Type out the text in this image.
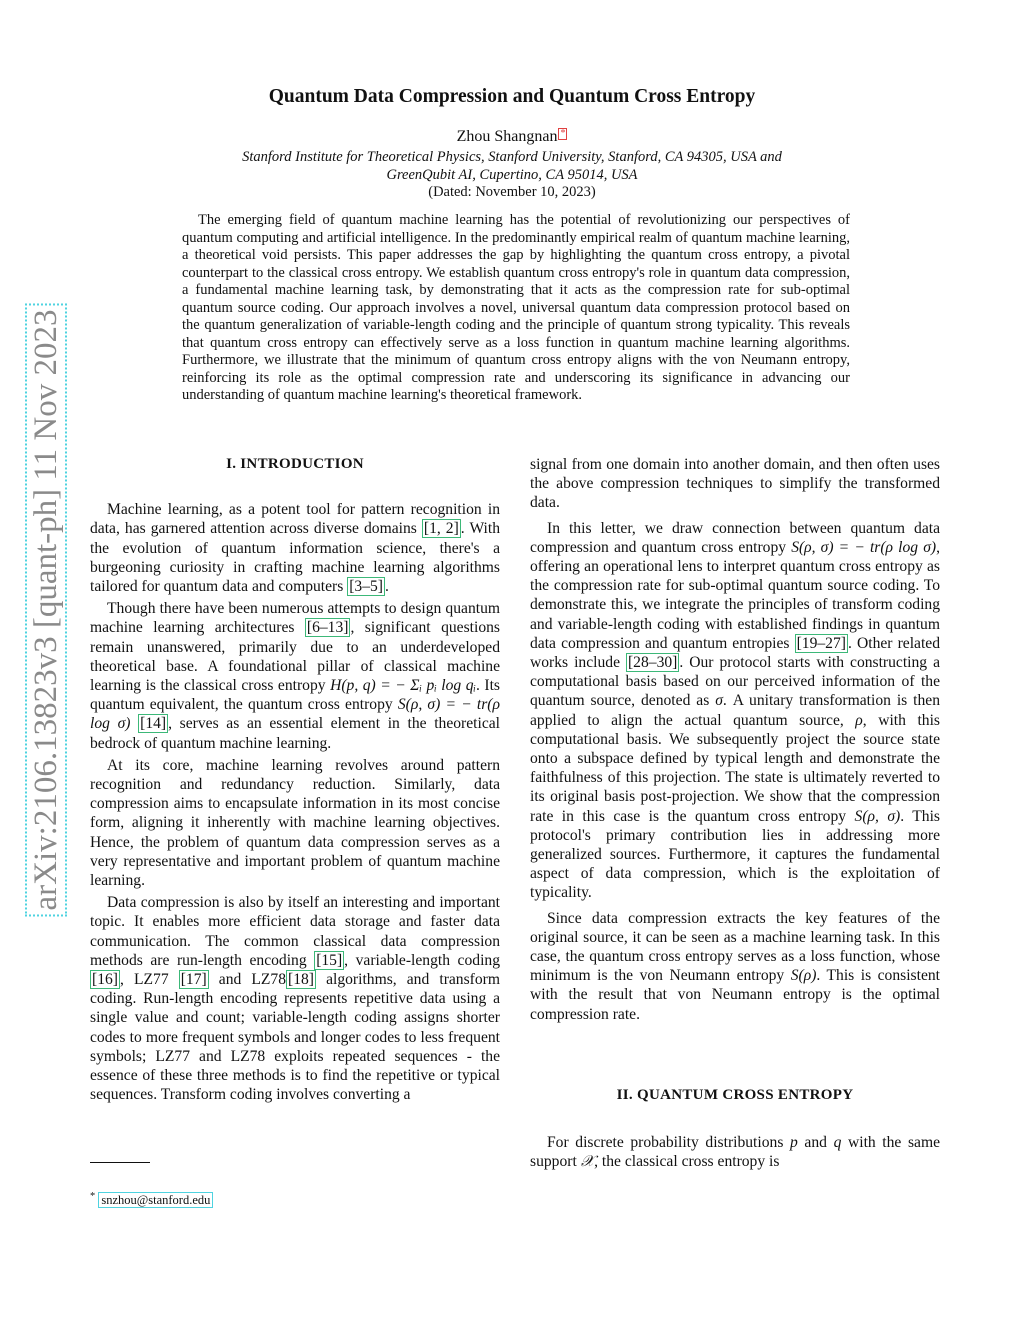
arXiv:2106.13823v3 [quant-ph] 11 Nov 2023
Quantum Data Compression and Quantum Cross Entropy
Zhou Shangnan *
Stanford Institute for Theoretical Physics, Stanford University, Stanford, CA 94305, USA and
GreenQubit AI, Cupertino, CA 95014, USA
(Dated: November 10, 2023)
The emerging field of quantum machine learning has the potential of revolutionizing our perspectives of quantum computing and artificial intelligence. In the predominantly empirical realm of quantum machine learning, a theoretical void persists. This paper addresses the gap by highlighting the quantum cross entropy, a pivotal counterpart to the classical cross entropy. We establish quantum cross entropy's role in quantum data compression, a fundamental machine learning task, by demonstrating that it acts as the compression rate for sub-optimal quantum source coding. Our approach involves a novel, universal quantum data compression protocol based on the quantum generalization of variable-length coding and the principle of quantum strong typicality. This reveals that quantum cross entropy can effectively serve as a loss function in quantum machine learning algorithms. Furthermore, we illustrate that the minimum of quantum cross entropy aligns with the von Neumann entropy, reinforcing its role as the optimal compression rate and underscoring its significance in advancing our understanding of quantum machine learning's theoretical framework.
I. INTRODUCTION

Machine learning, as a potent tool for pattern recognition in data, has garnered attention across diverse domains [1, 2] . With the evolution of quantum information science, there's a burgeoning curiosity in crafting machine learning algorithms tailored for quantum data and computers [3–5] .

Though there have been numerous attempts to design quantum machine learning architectures [6–13] , significant questions remain unanswered, primarily due to an underdeveloped theoretical base. A foundational pillar of classical machine learning is the classical cross entropy H(p, q) = − Σᵢ pᵢ log qᵢ. Its quantum equivalent, the quantum cross entropy S(ρ, σ) = − tr(ρ log σ) [14] , serves as an essential element in the theoretical bedrock of quantum machine learning.

At its core, machine learning revolves around pattern recognition and redundancy reduction. Similarly, data compression aims to encapsulate information in its most concise form, aligning it inherently with machine learning objectives. Hence, the problem of quantum data compression serves as a very representative and important problem of quantum machine learning.

Data compression is also by itself an interesting and important topic. It enables more efficient data storage and faster data communication. The common classical data compression methods are run-length encoding [15] , variable-length coding [16] , LZ77 [17] and LZ78 [18] algorithms, and transform coding. Run-length encoding represents repetitive data using a single value and count; variable-length coding assigns shorter codes to more frequent symbols and longer codes to less frequent symbols; LZ77 and LZ78 exploits repeated sequences - the essence of these three methods is to find the repetitive or typical sequences. Transform coding involves converting a

signal from one domain into another domain, and then often uses the above compression techniques to simplify the transformed data.

In this letter, we draw connection between quantum data compression and quantum cross entropy S(ρ, σ) = − tr(ρ log σ), offering an operational lens to interpret quantum cross entropy as the compression rate for sub-optimal quantum source coding. To demonstrate this, we integrate the principles of transform coding and variable-length coding with established findings in quantum data compression and quantum entropies [19–27] . Other related works include [28–30] . Our protocol starts with constructing a computational basis based on our perceived information of the quantum source, denoted as σ. A unitary transformation is then applied to align the actual quantum source, ρ, with this computational basis. We subsequently project the source state onto a subspace defined by typical length and demonstrate the faithfulness of this projection. The state is ultimately reverted to its original basis post-projection. We show that the compression rate in this case is the quantum cross entropy S(ρ, σ). This protocol's primary contribution lies in addressing more generalized sources. Furthermore, it captures the fundamental aspect of data compression, which is the exploitation of typicality.

Since data compression extracts the key features of the original source, it can be seen as a machine learning task. In this case, the quantum cross entropy serves as a loss function, whose minimum is the von Neumann entropy S(ρ). This is consistent with the result that von Neumann entropy is the optimal compression rate.

II. QUANTUM CROSS ENTROPY

For discrete probability distributions p and q with the same support 𝒳, the classical cross entropy is

* snzhou@stanford.edu
